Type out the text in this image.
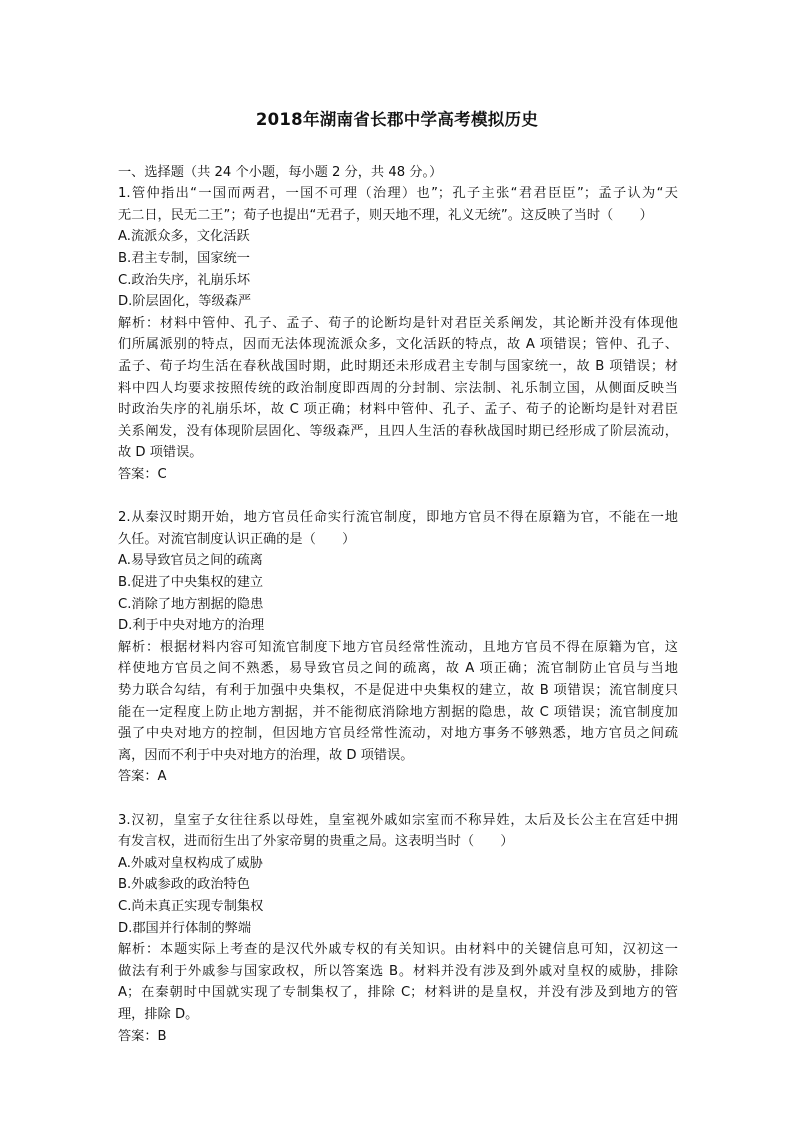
2018年湖南省长郡中学高考模拟历史
一、选择题（共 24 个小题，每小题 2 分，共 48 分。）
1.管仲指出“一国而两君，一国不可理（治理）也”；孔子主张“君君臣臣”；孟子认为“天
无二日，民无二王”；荀子也提出“无君子，则天地不理，礼义无统”。这反映了当时（　　）
A.流派众多，文化活跃
B.君主专制，国家统一
C.政治失序，礼崩乐坏
D.阶层固化，等级森严
解析：材料中管仲、孔子、孟子、荀子的论断均是针对君臣关系阐发，其论断并没有体现他
们所属派别的特点，因而无法体现流派众多，文化活跃的特点，故 A 项错误；管仲、孔子、
孟子、荀子均生活在春秋战国时期，此时期还未形成君主专制与国家统一，故 B 项错误；材
料中四人均要求按照传统的政治制度即西周的分封制、宗法制、礼乐制立国，从侧面反映当
时政治失序的礼崩乐坏，故 C 项正确；材料中管仲、孔子、孟子、荀子的论断均是针对君臣
关系阐发，没有体现阶层固化、等级森严，且四人生活的春秋战国时期已经形成了阶层流动，
故 D 项错误。
答案：C
2.从秦汉时期开始，地方官员任命实行流官制度，即地方官员不得在原籍为官，不能在一地
久任。对流官制度认识正确的是（　　）
A.易导致官员之间的疏离
B.促进了中央集权的建立
C.消除了地方割据的隐患
D.利于中央对地方的治理
解析：根据材料内容可知流官制度下地方官员经常性流动，且地方官员不得在原籍为官，这
样使地方官员之间不熟悉，易导致官员之间的疏离，故 A 项正确；流官制防止官员与当地
势力联合勾结，有利于加强中央集权，不是促进中央集权的建立，故 B 项错误；流官制度只
能在一定程度上防止地方割据，并不能彻底消除地方割据的隐患，故 C 项错误；流官制度加
强了中央对地方的控制，但因地方官员经常性流动，对地方事务不够熟悉，地方官员之间疏
离，因而不利于中央对地方的治理，故 D 项错误。
答案：A
3.汉初，皇室子女往往系以母姓，皇室视外戚如宗室而不称异姓，太后及长公主在宫廷中拥
有发言权，进而衍生出了外家帝舅的贵重之局。这表明当时（　　）
A.外戚对皇权构成了威胁
B.外戚参政的政治特色
C.尚未真正实现专制集权
D.郡国并行体制的弊端
解析：本题实际上考查的是汉代外戚专权的有关知识。由材料中的关键信息可知，汉初这一
做法有利于外戚参与国家政权，所以答案选 B。材料并没有涉及到外戚对皇权的威胁，排除
A；在秦朝时中国就实现了专制集权了，排除 C；材料讲的是皇权，并没有涉及到地方的管
理，排除 D。
答案：B
